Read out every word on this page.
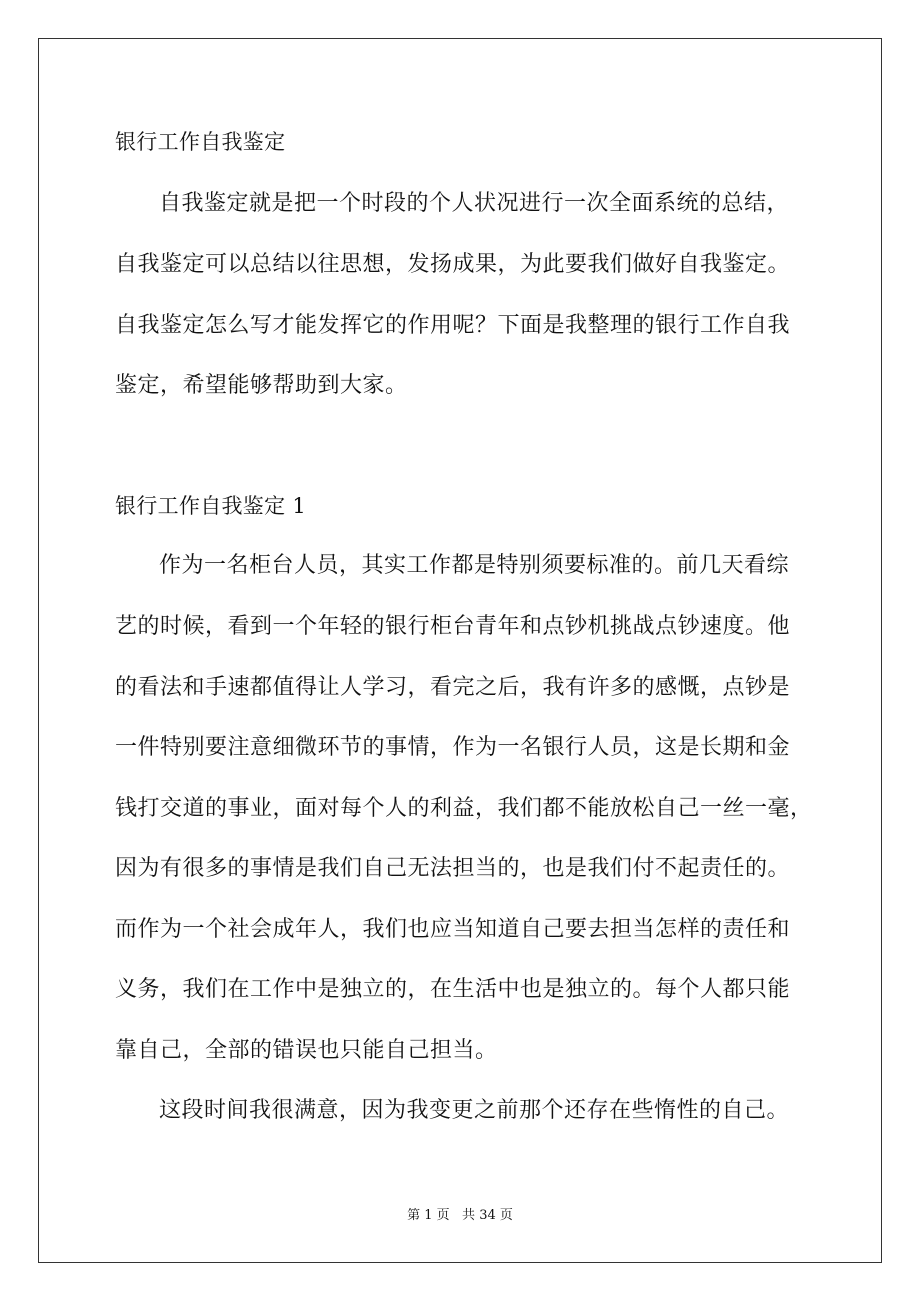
银行工作自我鉴定
自我鉴定就是把一个时段的个人状况进行一次全面系统的总结，
自我鉴定可以总结以往思想，发扬成果，为此要我们做好自我鉴定。
自我鉴定怎么写才能发挥它的作用呢？下面是我整理的银行工作自我
鉴定，希望能够帮助到大家。
银行工作自我鉴定 1
作为一名柜台人员，其实工作都是特别须要标准的。前几天看综
艺的时候，看到一个年轻的银行柜台青年和点钞机挑战点钞速度。他
的看法和手速都值得让人学习，看完之后，我有许多的感慨，点钞是
一件特别要注意细微环节的事情，作为一名银行人员，这是长期和金
钱打交道的事业，面对每个人的利益，我们都不能放松自己一丝一毫，
因为有很多的事情是我们自己无法担当的，也是我们付不起责任的。
而作为一个社会成年人，我们也应当知道自己要去担当怎样的责任和
义务，我们在工作中是独立的，在生活中也是独立的。每个人都只能
靠自己，全部的错误也只能自己担当。
这段时间我很满意，因为我变更之前那个还存在些惰性的自己。
第 1 页   共 34 页
